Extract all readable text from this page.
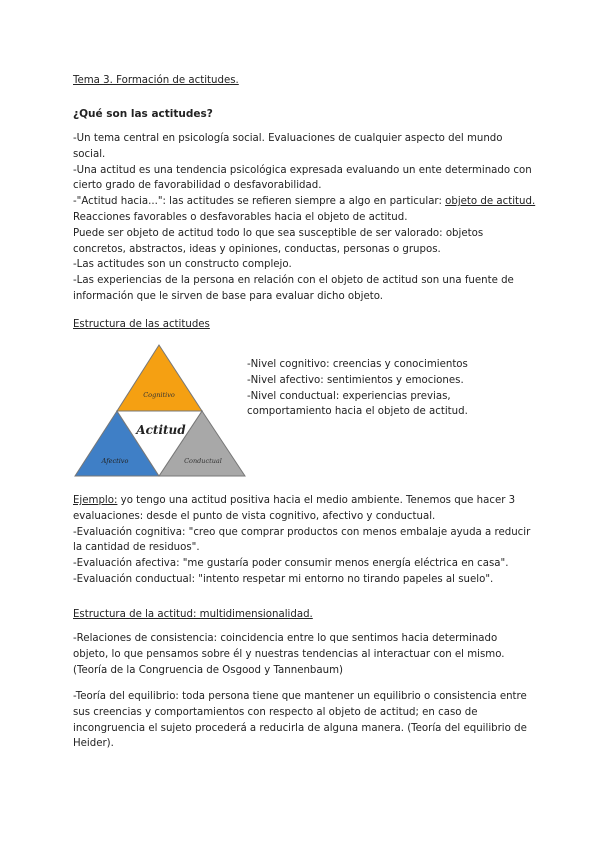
Tema 3. Formación de actitudes.

¿Qué son las actitudes?

-Un tema central en psicología social. Evaluaciones de cualquier aspecto del mundo

social.

-Una actitud es una tendencia psicológica expresada evaluando un ente determinado con

cierto grado de favorabilidad o desfavorabilidad.

-"Actitud hacia...": las actitudes se refieren siempre a algo en particular: objeto de actitud.

Reacciones favorables o desfavorables hacia el objeto de actitud.

Puede ser objeto de actitud todo lo que sea susceptible de ser valorado: objetos

concretos, abstractos, ideas y opiniones, conductas, personas o grupos.

-Las actitudes son un constructo complejo.

-Las experiencias de la persona en relación con el objeto de actitud son una fuente de

información que le sirven de base para evaluar dicho objeto.

Estructura de las actitudes

Cognitivo
Actitud
Afectivo	Conductual

-Nivel cognitivo: creencias y conocimientos

-Nivel afectivo: sentimientos y emociones.

-Nivel conductual: experiencias previas,

comportamiento hacia el objeto de actitud.

Ejemplo: yo tengo una actitud positiva hacia el medio ambiente. Tenemos que hacer 3

evaluaciones: desde el punto de vista cognitivo, afectivo y conductual.

-Evaluación cognitiva: "creo que comprar productos con menos embalaje ayuda a reducir

la cantidad de residuos".

-Evaluación afectiva: "me gustaría poder consumir menos energía eléctrica en casa".

-Evaluación conductual: "intento respetar mi entorno no tirando papeles al suelo".

Estructura de la actitud: multidimensionalidad.

-Relaciones de consistencia: coincidencia entre lo que sentimos hacia determinado

objeto, lo que pensamos sobre él y nuestras tendencias al interactuar con el mismo.

(Teoría de la Congruencia de Osgood y Tannenbaum)

-Teoría del equilibrio: toda persona tiene que mantener un equilibrio o consistencia entre

sus creencias y comportamientos con respecto al objeto de actitud; en caso de

incongruencia el sujeto procederá a reducirla de alguna manera. (Teoría del equilibrio de

Heider).
